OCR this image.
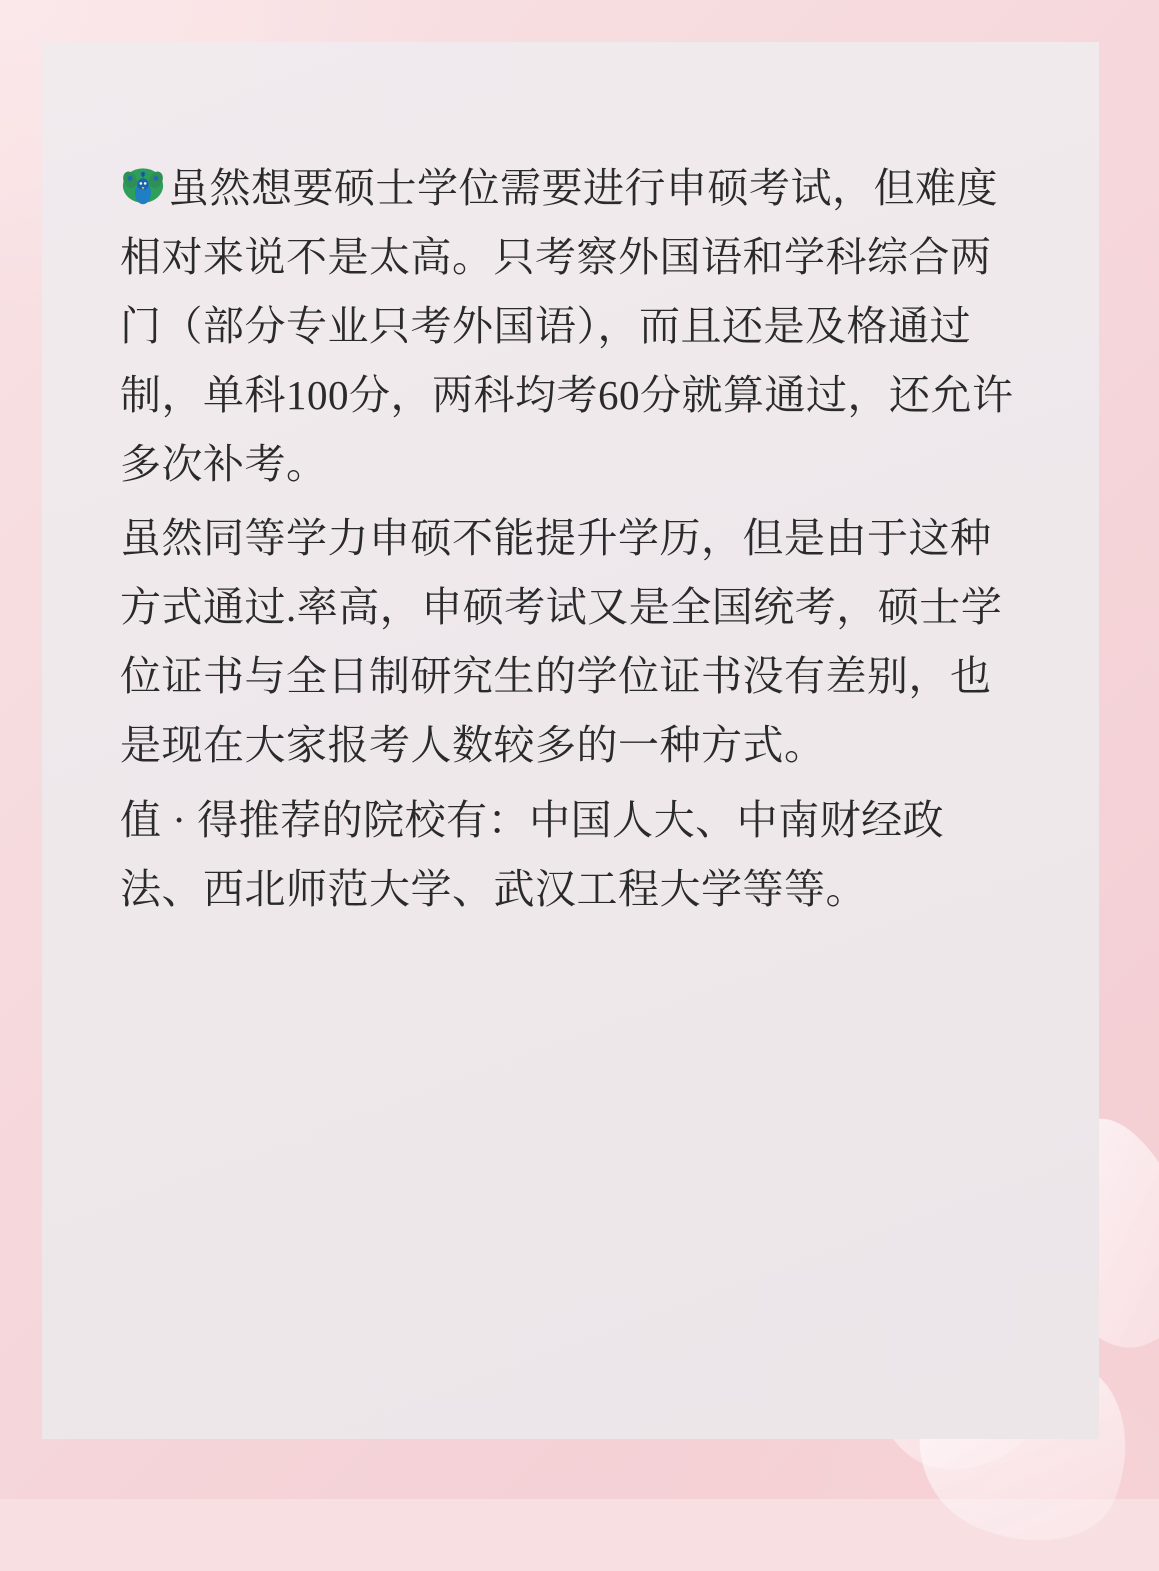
虽然想要硕士学位需要进行申硕考试，但难度相对来说不是太高。只考察外国语和学科综合两门（部分专业只考外国语），而且还是及格通过制，单科100分，两科均考60分就算通过，还允许多次补考。

虽然同等学力申硕不能提升学历，但是由于这种方式通过.率高，申硕考试又是全国统考，硕士学位证书与全日制研究生的学位证书没有差别，也是现在大家报考人数较多的一种方式。

值 · 得推荐的院校有：中国人大、中南财经政法、西北师范大学、武汉工程大学等等。
